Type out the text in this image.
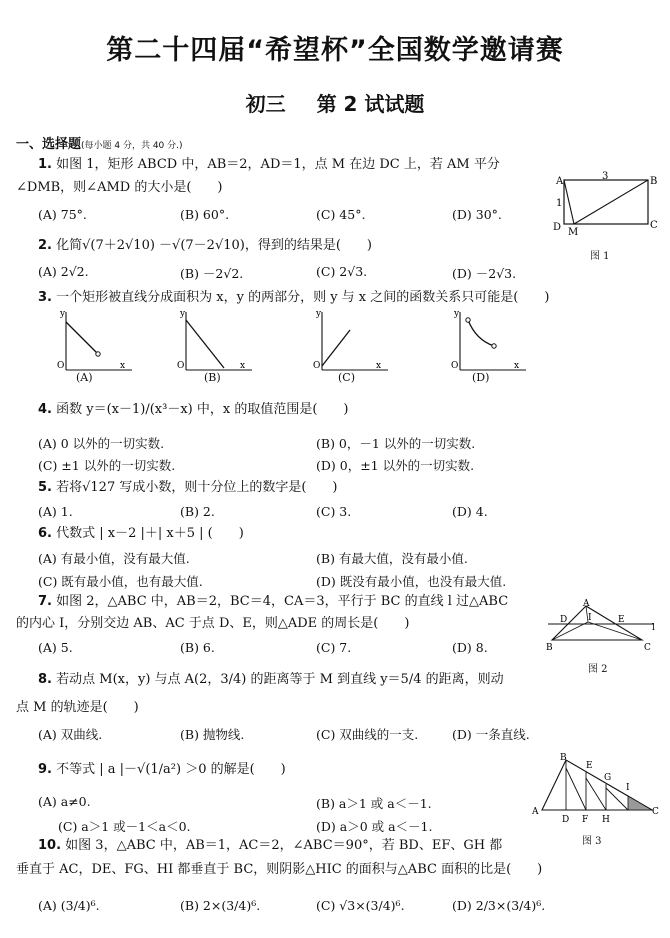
第二十四届“希望杯”全国数学邀请赛
初三 第 2 试试题
一、选择题(每小题 4 分，共 40 分.)
1. 如图 1，矩形 ABCD 中，AB＝2，AD＝1，点 M 在边 DC 上，若 AM 平分
∠DMB，则∠AMD 的大小是(　　)
(A) 75°.	(B) 60°.	(C) 45°.	(D) 30°.
A	B
C
D M
3
1
图 1
2. 化简√(7＋2√10) －√(7－2√10)，得到的结果是(　　)
(A) 2√2.	(B) －2√2.	(C) 2√3.	(D) －2√3.
3. 一个矩形被直线分成面积为 x，y 的两部分，则 y 与 x 之间的函数关系只可能是(　　)
y
x
O
y
x
O
y
x
O
y
x
O
(A)	(B)	(C)	(D)
4. 函数 y＝(x－1)/(x³－x) 中，x 的取值范围是(　　)
(A) 0 以外的一切实数.	(B) 0，－1 以外的一切实数.
(C) ±1 以外的一切实数.	(D) 0，±1 以外的一切实数.
5. 若将√127 写成小数，则十分位上的数字是(　　)
(A) 1.	(B) 2.	(C) 3.	(D) 4.
6. 代数式 | x－2 |＋| x＋5 | (　　)
(A) 有最小值，没有最大值.	(B) 有最大值，没有最小值.
(C) 既有最小值，也有最大值.	(D) 既没有最小值，也没有最大值.
7. 如图 2，△ABC 中，AB＝2，BC＝4，CA＝3，平行于 BC 的直线 l 过△ABC
的内心 I，分别交边 AB、AC 于点 D、E，则△ADE 的周长是(　　)
(A) 5.	(B) 6.	(C) 7.	(D) 8.
A
B	C
D	E
I
l
图 2
8. 若动点 M(x，y) 与点 A(2，3/4) 的距离等于 M 到直线 y＝5/4 的距离，则动
点 M 的轨迹是(　　)
(A) 双曲线.	(B) 抛物线.	(C) 双曲线的一支.	(D) 一条直线.
9. 不等式 | a |－√(1/a²) ＞0 的解是(　　)
(A) a≠0.	(B) a＞1 或 a＜－1.
(C) a＞1 或－1＜a＜0.	(D) a＞0 或 a＜－1.
B
A	C
D
E
F
G
H
I
图 3
10. 如图 3，△ABC 中，AB＝1，AC＝2，∠ABC＝90°，若 BD、EF、GH 都
垂直于 AC，DE、FG、HI 都垂直于 BC，则阴影△HIC 的面积与△ABC 面积的比是(　　)
(A) (3/4)⁶.	(B) 2×(3/4)⁶.	(C) √3×(3/4)⁶.	(D) 2/3×(3/4)⁶.
